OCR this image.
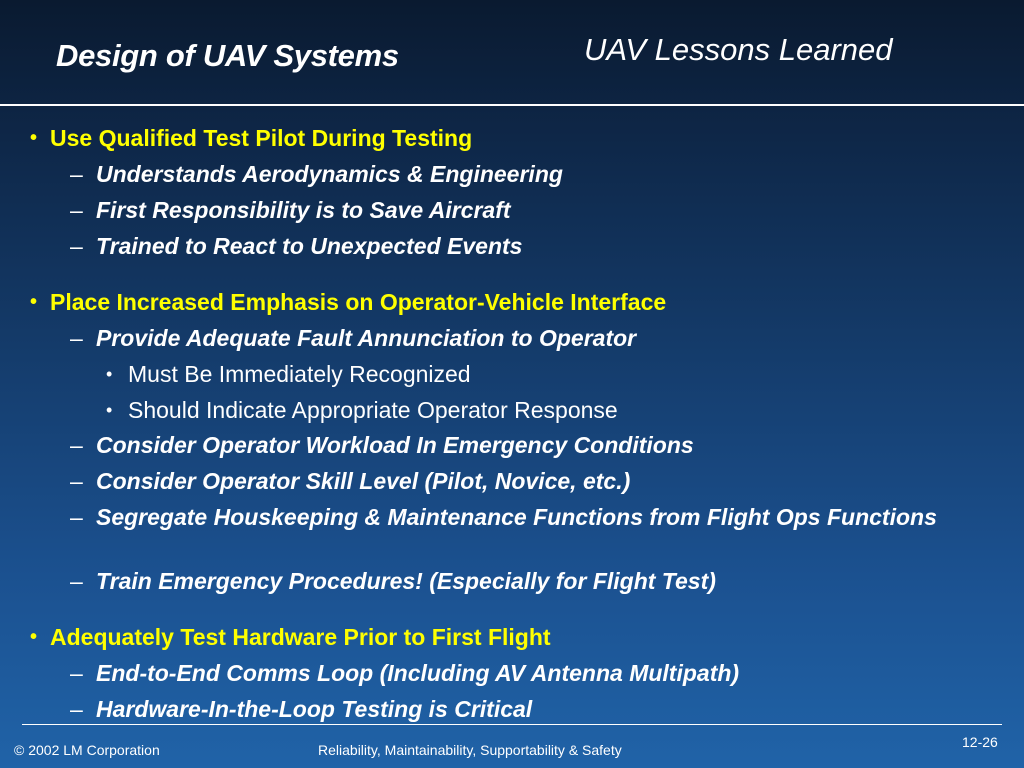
Design of UAV Systems	UAV Lessons Learned
• Use Qualified Test Pilot During Testing
– Understands Aerodynamics & Engineering
– First Responsibility is to Save Aircraft
– Trained to React to Unexpected Events
• Place Increased Emphasis on Operator-Vehicle Interface
– Provide Adequate Fault Annunciation to Operator
• Must Be Immediately Recognized
• Should Indicate Appropriate Operator Response
– Consider Operator Workload In Emergency Conditions
– Consider Operator Skill Level (Pilot, Novice, etc.)
– Segregate Houskeeping & Maintenance Functions from Flight Ops Functions
– Train Emergency Procedures! (Especially for Flight Test)
• Adequately Test Hardware Prior to First Flight
– End-to-End Comms Loop (Including AV Antenna Multipath)
– Hardware-In-the-Loop Testing is Critical
© 2002 LM Corporation	Reliability, Maintainability, Supportability & Safety	12-26
